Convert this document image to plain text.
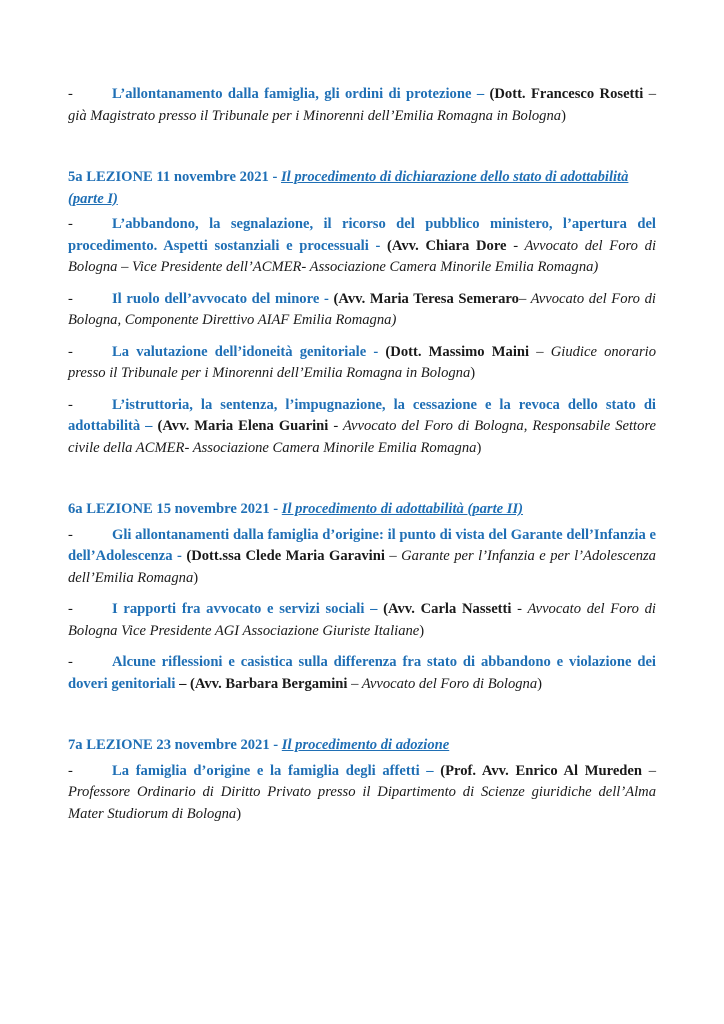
-	L’allontanamento dalla famiglia, gli ordini di protezione – (Dott. Francesco Rosetti – già Magistrato presso il Tribunale per i Minorenni dell’Emilia Romagna in Bologna)

5a LEZIONE 11 novembre 2021 - Il procedimento di dichiarazione dello stato di adottabilità (parte I)

-	L’abbandono, la segnalazione, il ricorso del pubblico ministero, l’apertura del procedimento. Aspetti sostanziali e processuali - (Avv. Chiara Dore - Avvocato del Foro di Bologna – Vice Presidente dell’ACMER- Associazione Camera Minorile Emilia Romagna)

-	Il ruolo dell’avvocato del minore - (Avv. Maria Teresa Semeraro– Avvocato del Foro di Bologna, Componente Direttivo AIAF Emilia Romagna)

-	La valutazione dell’idoneità genitoriale - (Dott. Massimo Maini – Giudice onorario presso il Tribunale per i Minorenni dell’Emilia Romagna in Bologna)

-	L’istruttoria, la sentenza, l’impugnazione, la cessazione e la revoca dello stato di adottabilità – (Avv. Maria Elena Guarini - Avvocato del Foro di Bologna, Responsabile Settore civile della ACMER- Associazione Camera Minorile Emilia Romagna)

6a LEZIONE 15 novembre 2021 - Il procedimento di adottabilità (parte II)

-	Gli allontanamenti dalla famiglia d’origine: il punto di vista del Garante dell’Infanzia e dell’Adolescenza - (Dott.ssa Clede Maria Garavini – Garante per l’Infanzia e per l’Adolescenza dell’Emilia Romagna)

-	I rapporti fra avvocato e servizi sociali – (Avv. Carla Nassetti - Avvocato del Foro di Bologna Vice Presidente AGI Associazione Giuriste Italiane)

-	Alcune riflessioni e casistica sulla differenza fra stato di abbandono e violazione dei doveri genitoriali – (Avv. Barbara Bergamini – Avvocato del Foro di Bologna)

7a LEZIONE 23 novembre 2021 - Il procedimento di adozione

-	La famiglia d’origine e la famiglia degli affetti – (Prof. Avv. Enrico Al Mureden – Professore Ordinario di Diritto Privato presso il Dipartimento di Scienze giuridiche dell’Alma Mater Studiorum di Bologna)
